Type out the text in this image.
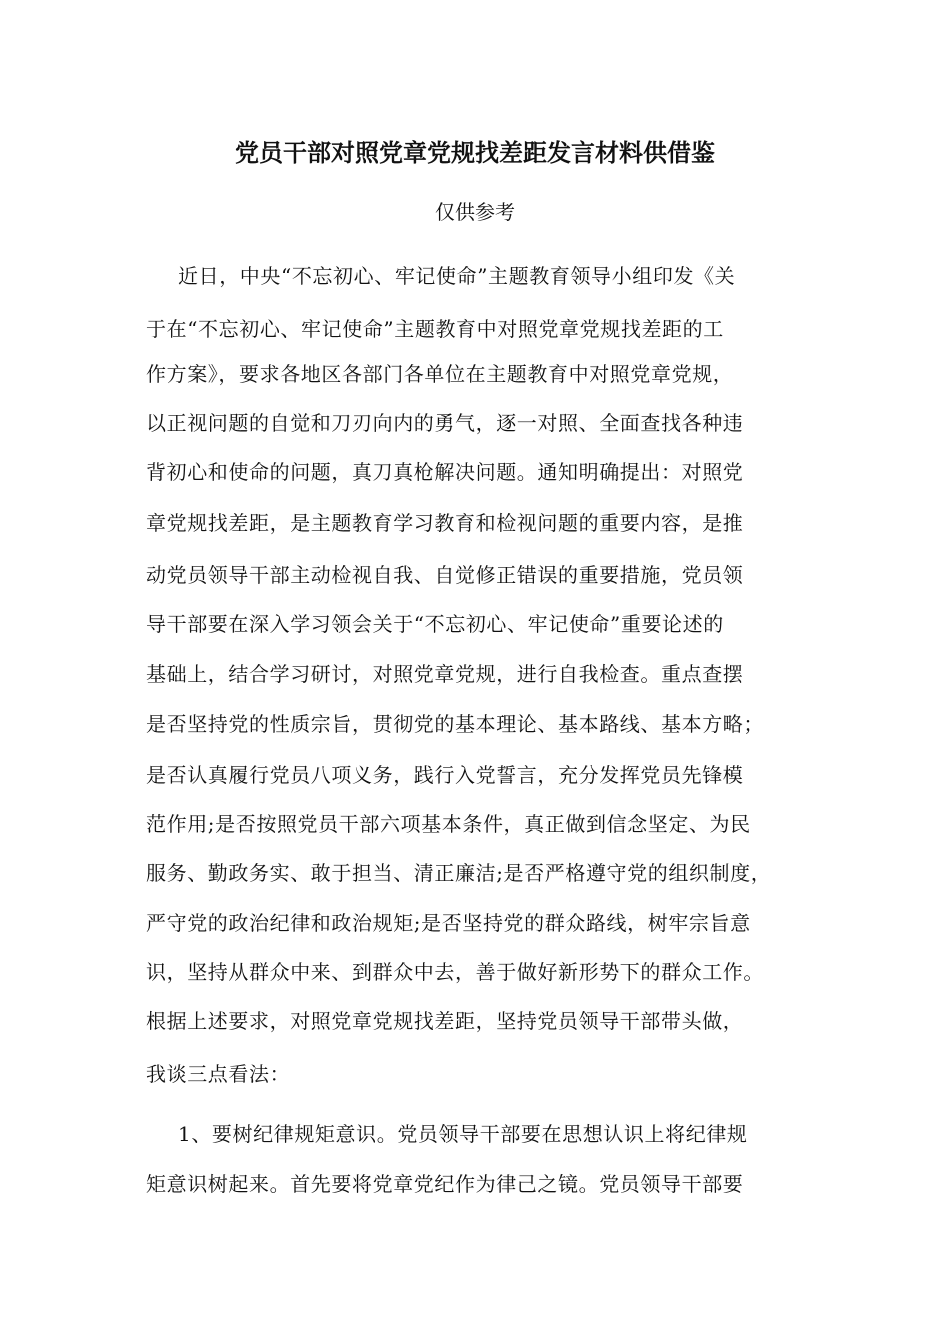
党员干部对照党章党规找差距发言材料供借鉴
仅供参考
近日，中央“不忘初心、牢记使命”主题教育领导小组印发《关
于在“不忘初心、牢记使命”主题教育中对照党章党规找差距的工
作方案》，要求各地区各部门各单位在主题教育中对照党章党规，
以正视问题的自觉和刀刃向内的勇气，逐一对照、全面查找各种违
背初心和使命的问题，真刀真枪解决问题。通知明确提出：对照党
章党规找差距，是主题教育学习教育和检视问题的重要内容，是推
动党员领导干部主动检视自我、自觉修正错误的重要措施，党员领
导干部要在深入学习领会关于“不忘初心、牢记使命”重要论述的
基础上，结合学习研讨，对照党章党规，进行自我检查。重点查摆
是否坚持党的性质宗旨，贯彻党的基本理论、基本路线、基本方略；
是否认真履行党员八项义务，践行入党誓言，充分发挥党员先锋模
范作用;是否按照党员干部六项基本条件，真正做到信念坚定、为民
服务、勤政务实、敢于担当、清正廉洁;是否严格遵守党的组织制度，
严守党的政治纪律和政治规矩;是否坚持党的群众路线，树牢宗旨意
识，坚持从群众中来、到群众中去，善于做好新形势下的群众工作。
根据上述要求，对照党章党规找差距，坚持党员领导干部带头做，
我谈三点看法：
1、要树纪律规矩意识。党员领导干部要在思想认识上将纪律规
矩意识树起来。首先要将党章党纪作为律己之镜。党员领导干部要
